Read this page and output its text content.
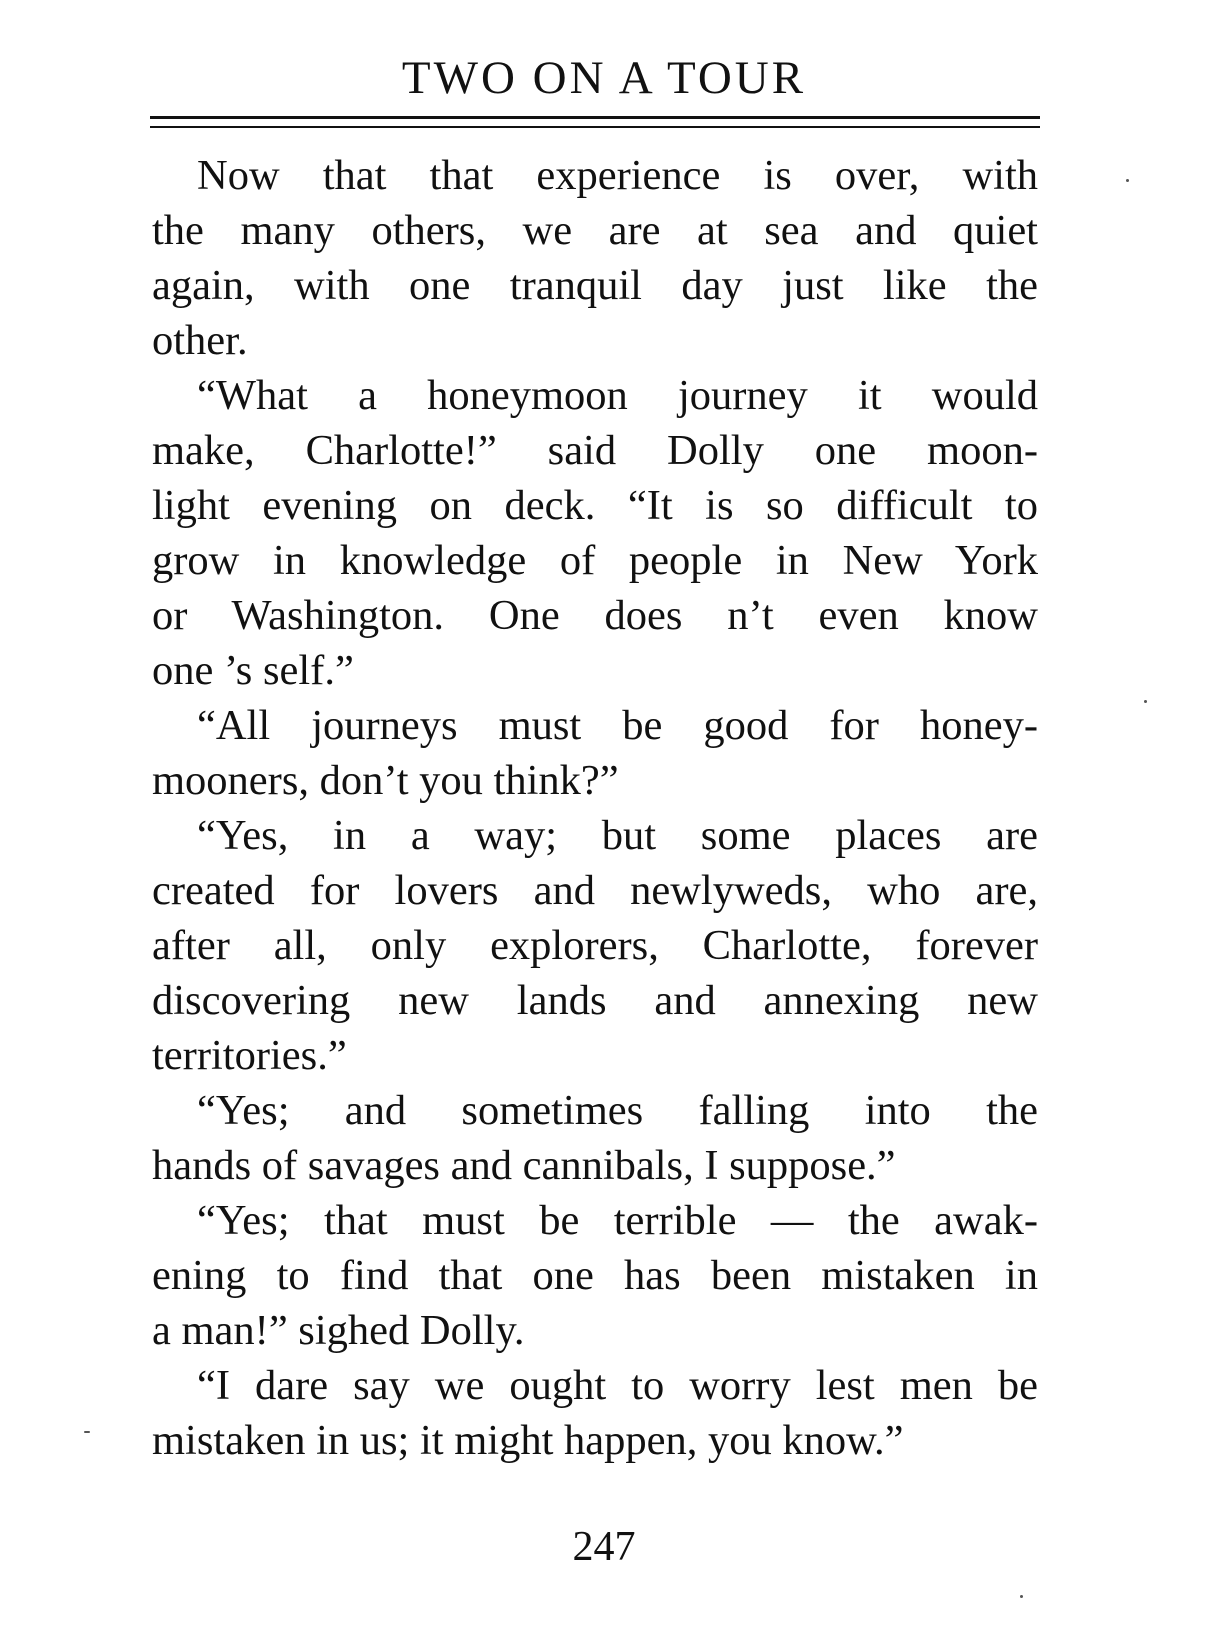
TWO ON A TOUR

Now that that experience is over, with
the many others, we are at sea and quiet
again, with one tranquil day just like the
other.

“What a honeymoon journey it would
make, Charlotte!” said Dolly one moon-
light evening on deck. “It is so difficult to
grow in knowledge of people in New York
or Washington. One does n’t even know
one ’s self.”

“All journeys must be good for honey-
mooners, don’t you think?”

“Yes, in a way; but some places are
created for lovers and newlyweds, who are,
after all, only explorers, Charlotte, forever
discovering new lands and annexing new
territories.”

“Yes; and sometimes falling into the
hands of savages and cannibals, I suppose.”

“Yes; that must be terrible — the awak-
ening to find that one has been mistaken in
a man!” sighed Dolly.

“I dare say we ought to worry lest men be
mistaken in us; it might happen, you know.”

247
